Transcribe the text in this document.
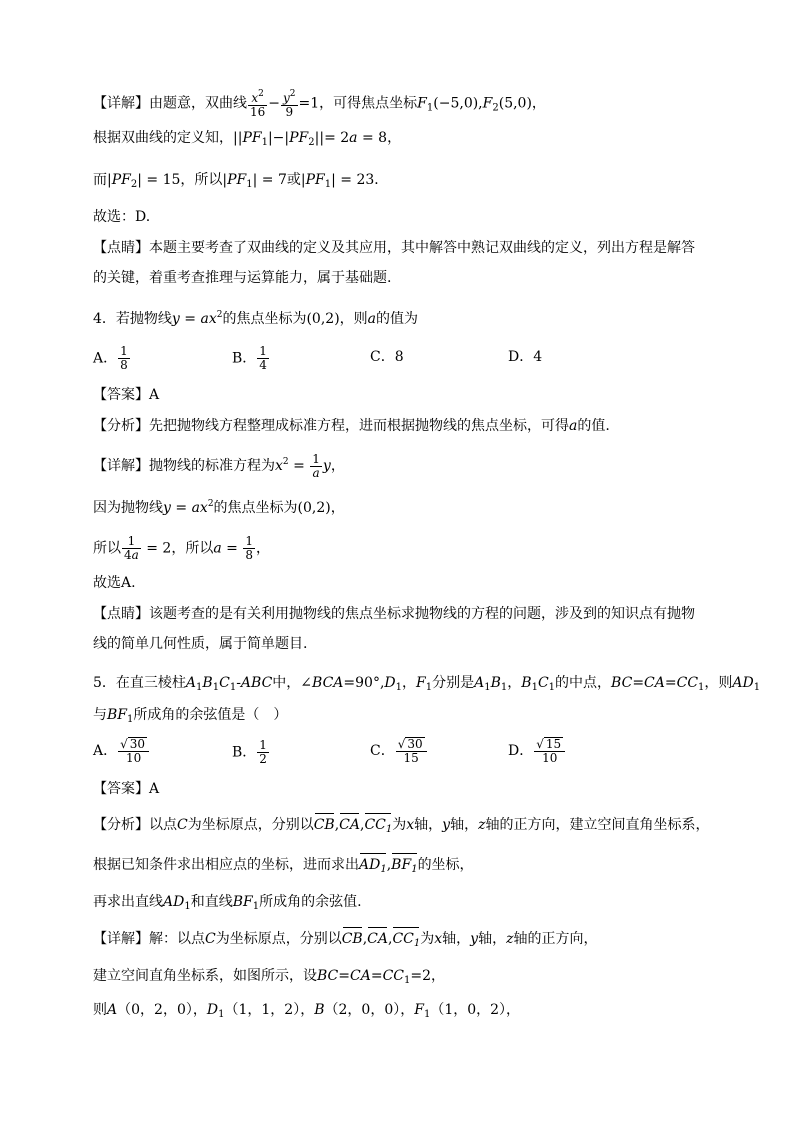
【详解】由题意，双曲线 $\frac{x^2}{16} - \frac{y^2}{9} =1$，可得焦点坐标$F_1(-5,0),F_2(5,0)$，
根据双曲线的定义知，$||PF_1|-|PF_2||= 2a = 8$，
而$|PF_2| = 15$，所以$|PF_1| = 7$或$|PF_1| = 23$．
故选：D.
【点睛】本题主要考查了双曲线的定义及其应用，其中解答中熟记双曲线的定义，列出方程是解答
的关键，着重考查推理与运算能力，属于基础题.
4．若抛物线$y = ax^2$的焦点坐标为(0,2)，则a的值为
A． $\frac{1}{8}$	B． $\frac{1}{4}$	C．8	D．4
【答案】A
【分析】先把抛物线方程整理成标准方程，进而根据抛物线的焦点坐标，可得a的值.
【详解】抛物线的标准方程为$x^2 = \frac{1}{a}$ y，
因为抛物线$y = ax^2$的焦点坐标为(0,2)，
所以 $\frac{1}{4a} = 2$，所以$a = \frac{1}{8}$ ，
故选A.
【点睛】该题考查的是有关利用抛物线的焦点坐标求抛物线的方程的问题，涉及到的知识点有抛物
线的简单几何性质，属于简单题目.
5．在直三棱柱$A_1B_1C_1$-ABC中，$\angle BCA=90^\circ,D_1$，$F_1$分别是$A_1B_1$，$B_1C_1$的中点，$BC=CA=CC_1$，则$AD_1$
与$BF_1$所成角的余弦值是（　）
A． $\frac{√ 30}{10}$	B． $\frac{1}{2}$	C． $\frac{√ 30}{15}$	D． $\frac{√ 15}{10}$
【答案】A
【分析】以点C为坐标原点，分别以$CB,CA,CC_1$为x轴，y轴，z轴的正方向，建立空间直角坐标系，
根据已知条件求出相应点的坐标，进而求出$AD_1,BF_1$的坐标，
再求出直线$AD_1$和直线$BF_1$所成角的余弦值.
【详解】解：以点C为坐标原点，分别以$CB,CA,CC_1$为x轴，y轴，z轴的正方向，
建立空间直角坐标系，如图所示，设$BC=CA=CC_1=2$，
则A（0，2，0），$D_1(1$，1，2），B（2，0，0），$F_1(1$，0，2），
